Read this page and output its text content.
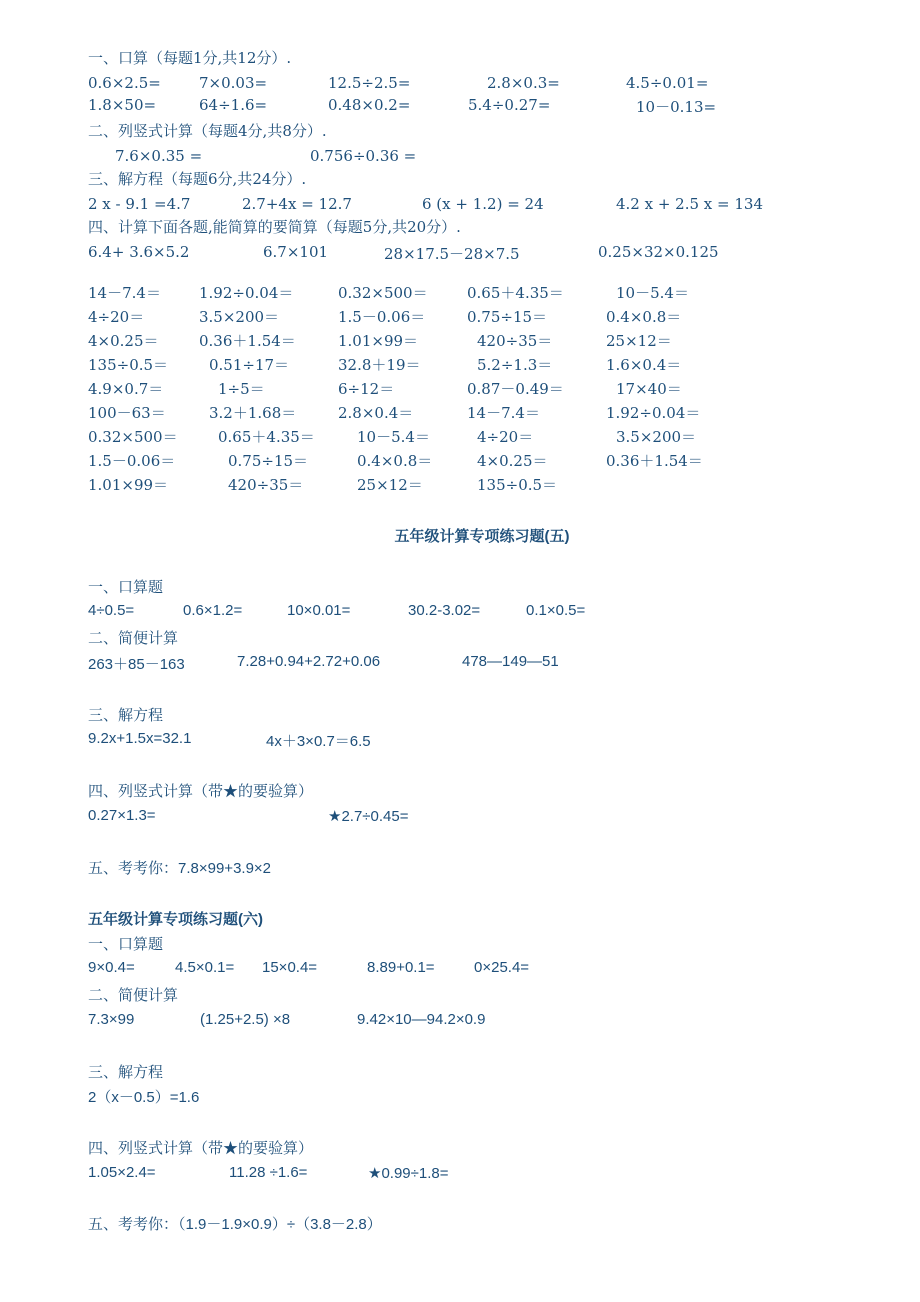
一、口算（每题1分,共12分）.
0.6×2.5=	7×0.03=	12.5÷2.5=	2.8×0.3=	4.5÷0.01=
1.8×50=	64÷1.6=	0.48×0.2=	5.4÷0.27=	10－0.13=
二、列竖式计算（每题4分,共8分）.
7.6×0.35 =	0.756÷0.36 =
三、解方程（每题6分,共24分）.
2 x - 9.1 =4.7	2.7+4x = 12.7	6 (x + 1.2) = 24	4.2 x + 2.5 x = 134
四、计算下面各题,能简算的要简算（每题5分,共20分）.
6.4+ 3.6×5.2	6.7×101	28×17.5－28×7.5	0.25×32×0.125
14－7.4＝	1.92÷0.04＝	0.32×500＝	0.65＋4.35＝	10－5.4＝
4÷20＝	3.5×200＝	1.5－0.06＝	0.75÷15＝	0.4×0.8＝
4×0.25＝	0.36＋1.54＝	1.01×99＝	420÷35＝	25×12＝
135÷0.5＝	0.51÷17＝	32.8＋19＝	5.2÷1.3＝	1.6×0.4＝
4.9×0.7＝	1÷5＝	6÷12＝	0.87－0.49＝	17×40＝
100－63＝	3.2＋1.68＝	2.8×0.4＝	14－7.4＝	1.92÷0.04＝
0.32×500＝	0.65＋4.35＝	10－5.4＝	4÷20＝	3.5×200＝
1.5－0.06＝	0.75÷15＝	0.4×0.8＝	4×0.25＝	0.36＋1.54＝
1.01×99＝	420÷35＝	25×12＝	135÷0.5＝
五年级计算专项练习题(五)
一、口算题
4÷0.5=	0.6×1.2=	10×0.01=	30.2-3.02=	0.1×0.5=
二、简便计算
263＋85－163	7.28+0.94+2.72+0.06	478—149—51
三、解方程
9.2x+1.5x=32.1	4x＋3×0.7＝6.5
四、列竖式计算（带★的要验算）
0.27×1.3=	★2.7÷0.45=
五、考考你：7.8×99+3.9×2
五年级计算专项练习题(六)
一、口算题
9×0.4=	4.5×0.1= 15×0.4=	8.89+0.1=	0×25.4=
二、简便计算
7.3×99	(1.25+2.5) ×8	9.42×10—94.2×0.9
三、解方程
2（x－0.5）=1.6
四、列竖式计算（带★的要验算）
1.05×2.4=	11.28 ÷1.6=	★0.99÷1.8=
五、考考你：（1.9－1.9×0.9）÷（3.8－2.8）
